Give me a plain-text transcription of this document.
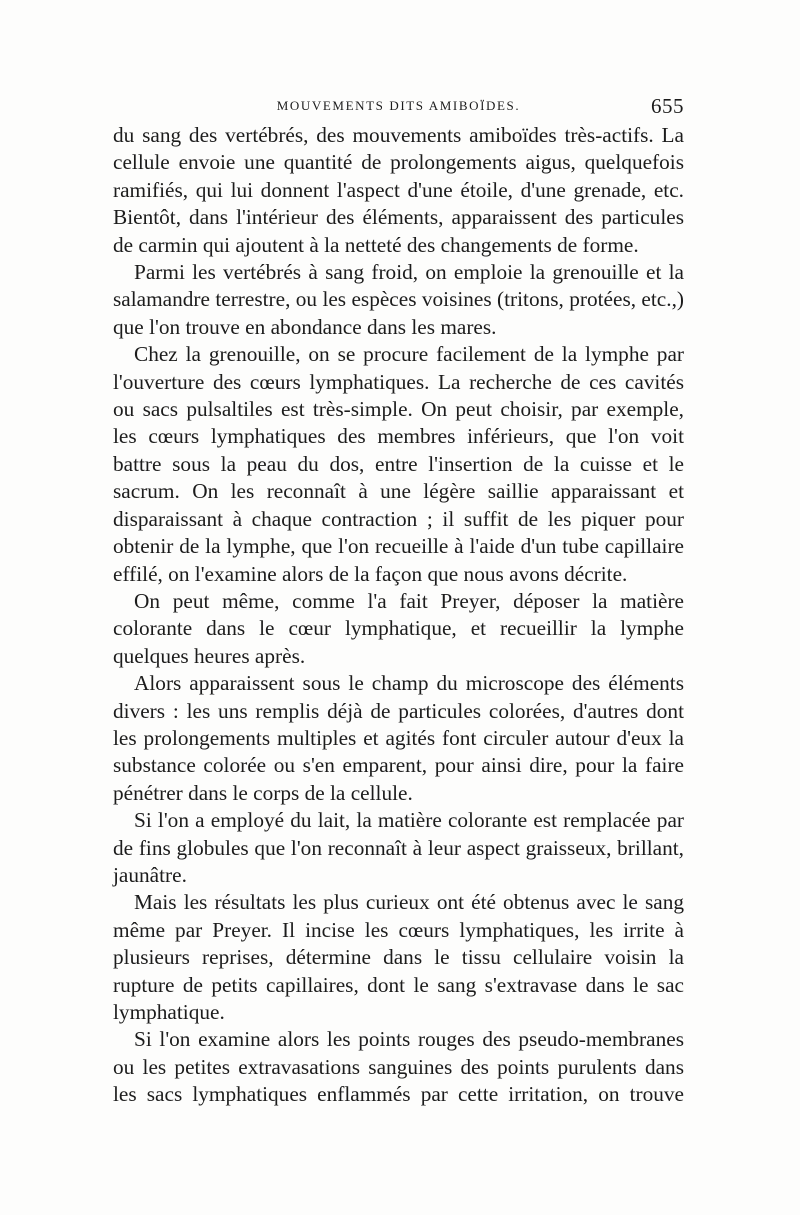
MOUVEMENTS DITS AMIBOÏDES.	655

du sang des vertébrés, des mouvements amiboïdes très-actifs. La cellule envoie une quantité de prolongements aigus, quelquefois ramifiés, qui lui donnent l'aspect d'une étoile, d'une grenade, etc. Bientôt, dans l'intérieur des éléments, apparaissent des particules de carmin qui ajoutent à la netteté des changements de forme.

Parmi les vertébrés à sang froid, on emploie la grenouille et la salamandre terrestre, ou les espèces voisines (tritons, protées, etc.,) que l'on trouve en abondance dans les mares.

Chez la grenouille, on se procure facilement de la lymphe par l'ouverture des cœurs lymphatiques. La recherche de ces cavités ou sacs pulsaltiles est très-simple. On peut choisir, par exemple, les cœurs lymphatiques des membres inférieurs, que l'on voit battre sous la peau du dos, entre l'insertion de la cuisse et le sacrum. On les reconnaît à une légère saillie apparaissant et disparaissant à chaque contraction ; il suffit de les piquer pour obtenir de la lymphe, que l'on recueille à l'aide d'un tube capillaire effilé, on l'examine alors de la façon que nous avons décrite.

On peut même, comme l'a fait Preyer, déposer la matière colorante dans le cœur lymphatique, et recueillir la lymphe quelques heures après.

Alors apparaissent sous le champ du microscope des éléments divers : les uns remplis déjà de particules colorées, d'autres dont les prolongements multiples et agités font circuler autour d'eux la substance colorée ou s'en emparent, pour ainsi dire, pour la faire pénétrer dans le corps de la cellule.

Si l'on a employé du lait, la matière colorante est remplacée par de fins globules que l'on reconnaît à leur aspect graisseux, brillant, jaunâtre.

Mais les résultats les plus curieux ont été obtenus avec le sang même par Preyer. Il incise les cœurs lymphatiques, les irrite à plusieurs reprises, détermine dans le tissu cellulaire voisin la rupture de petits capillaires, dont le sang s'extravase dans le sac lymphatique.

Si l'on examine alors les points rouges des pseudo-membranes ou les petites extravasations sanguines des points purulents dans les sacs lymphatiques enflammés par cette irritation, on trouve
